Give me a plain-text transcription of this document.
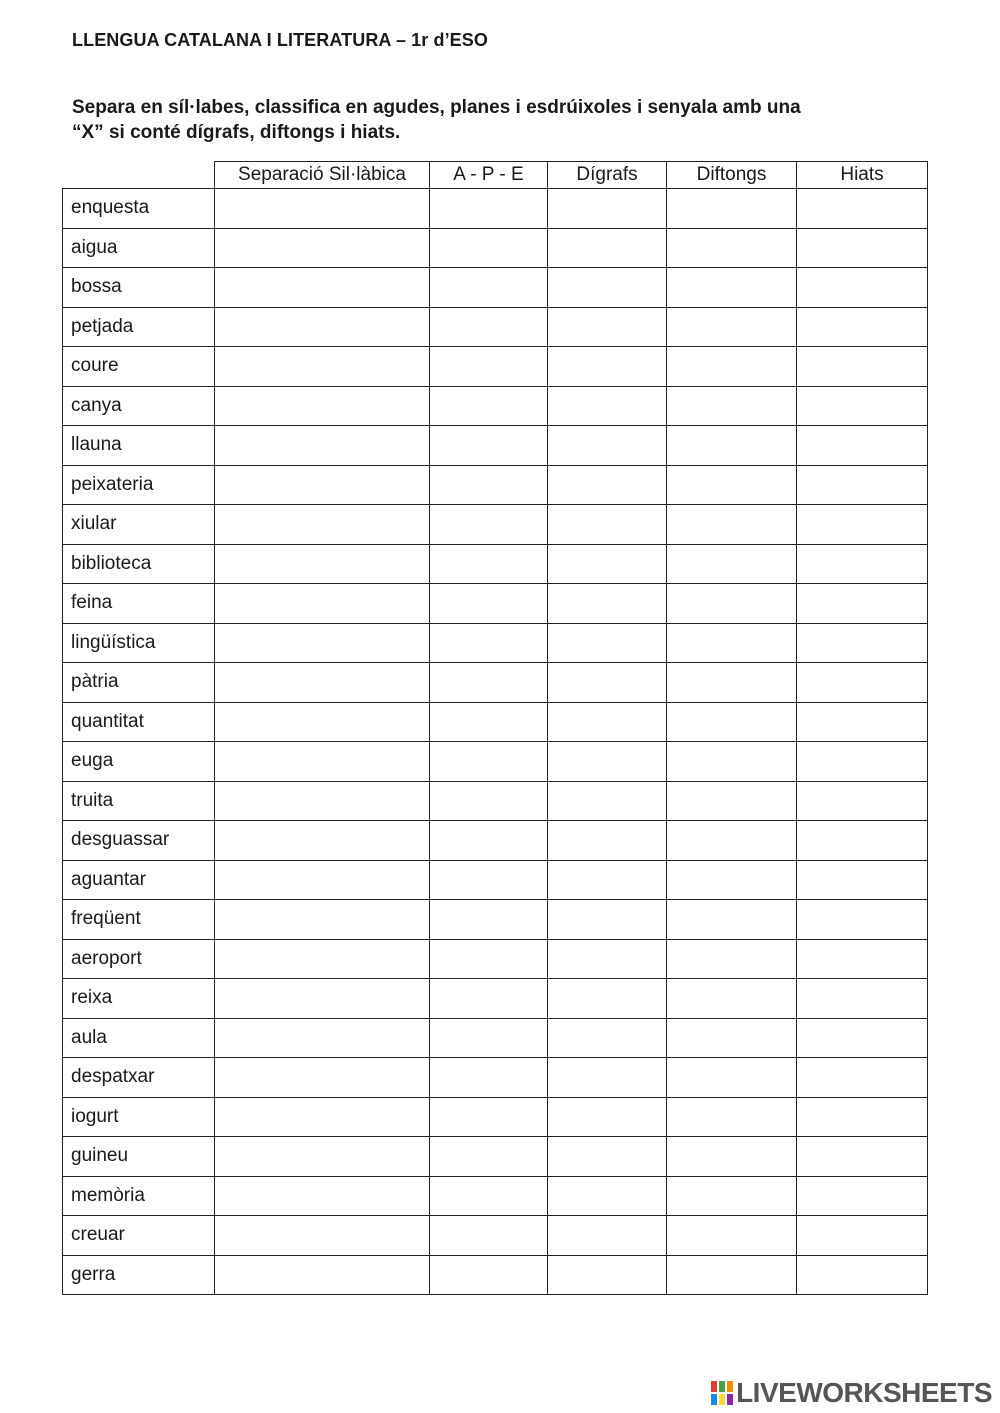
LLENGUA CATALANA I LITERATURA – 1r d’ESO
Separa en síl·labes, classifica en agudes, planes i esdrúixoles i senyala amb una
“X” si conté dígrafs, diftongs i hiats.
	Separació Sil·làbica	A - P - E	Dígrafs	Diftongs	Hiats
enquesta					
aigua					
bossa					
petjada					
coure					
canya					
llauna					
peixateria					
xiular					
biblioteca					
feina					
lingüística					
pàtria					
quantitat					
euga					
truita					
desguassar					
aguantar					
freqüent					
aeroport					
reixa					
aula					
despatxar					
iogurt					
guineu					
memòria					
creuar					
gerra					
LIVEWORKSHEETS
